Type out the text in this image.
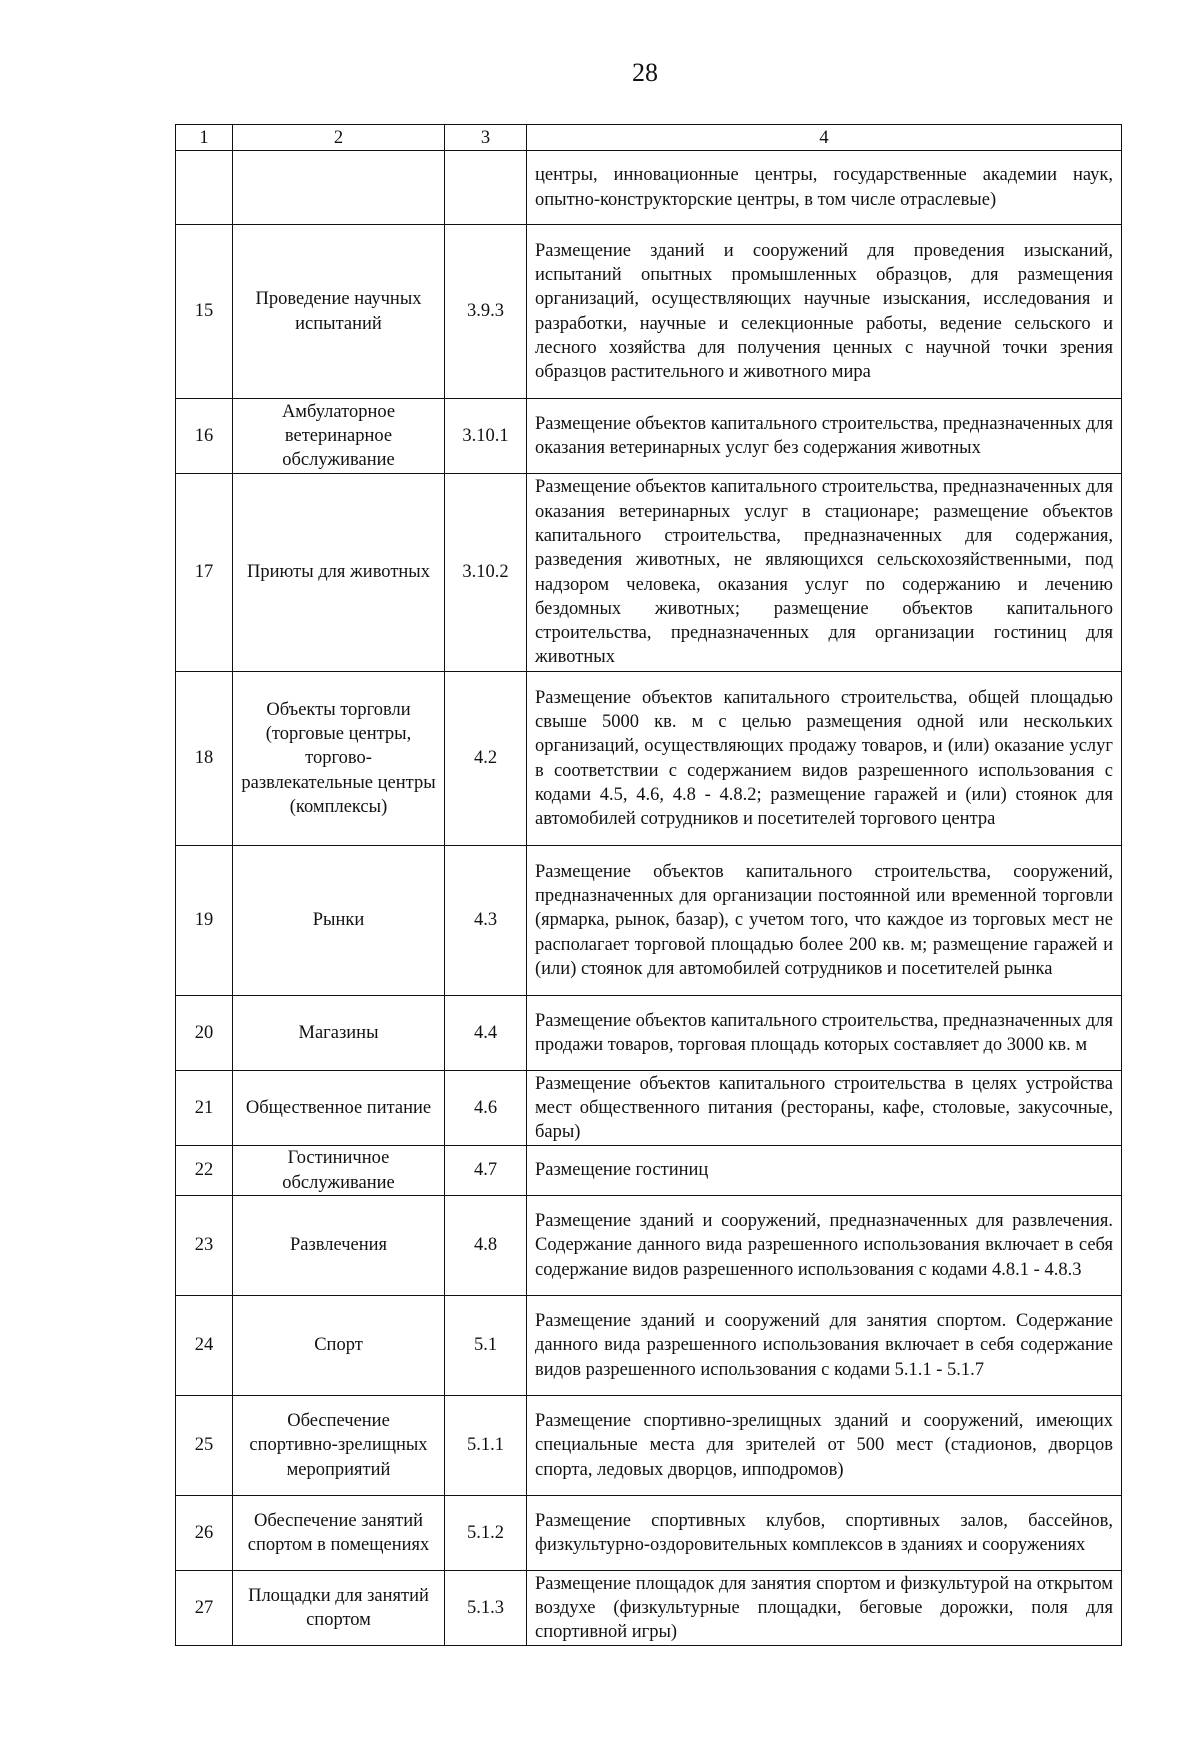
28
1	2	3	4
			центры, инновационные центры, государственные академии наук, опытно-конструкторские центры, в том числе отраслевые)
15	Проведение научных испытаний	3.9.3	Размещение зданий и сооружений для проведения изысканий, испытаний опытных промышленных образцов, для размещения организаций, осуществляющих научные изыскания, исследования и разработки, научные и селекционные работы, ведение сельского и лесного хозяйства для получения ценных с научной точки зрения образцов растительного и животного мира
16	Амбулаторное ветеринарное обслуживание	3.10.1	Размещение объектов капитального строительства, предназначенных для оказания ветеринарных услуг без содержания животных
17	Приюты для животных	3.10.2	Размещение объектов капитального строительства, предназначенных для оказания ветеринарных услуг в стационаре; размещение объектов капитального строительства, предназначенных для содержания, разведения животных, не являющихся сельскохозяйственными, под надзором человека, оказания услуг по содержанию и лечению бездомных животных; размещение объектов капитального строительства, предназначенных для организации гостиниц для животных
18	Объекты торговли (торговые центры, торгово-развлекательные центры (комплексы)	4.2	Размещение объектов капитального строительства, общей площадью свыше 5000 кв. м с целью размещения одной или нескольких организаций, осуществляющих продажу товаров, и (или) оказание услуг в соответствии с содержанием видов разрешенного использования с кодами 4.5, 4.6, 4.8 - 4.8.2; размещение гаражей и (или) стоянок для автомобилей сотрудников и посетителей торгового центра
19	Рынки	4.3	Размещение объектов капитального строительства, сооружений, предназначенных для организации постоянной или временной торговли (ярмарка, рынок, базар), с учетом того, что каждое из торговых мест не располагает торговой площадью более 200 кв. м; размещение гаражей и (или) стоянок для автомобилей сотрудников и посетителей рынка
20	Магазины	4.4	Размещение объектов капитального строительства, предназначенных для продажи товаров, торговая площадь которых составляет до 3000 кв. м
21	Общественное питание	4.6	Размещение объектов капитального строительства в целях устройства мест общественного питания (рестораны, кафе, столовые, закусочные, бары)
22	Гостиничное обслуживание	4.7	Размещение гостиниц
23	Развлечения	4.8	Размещение зданий и сооружений, предназначенных для развлечения. Содержание данного вида разрешенного использования включает в себя содержание видов разрешенного использования с кодами 4.8.1 - 4.8.3
24	Спорт	5.1	Размещение зданий и сооружений для занятия спортом. Содержание данного вида разрешенного использования включает в себя содержание видов разрешенного использования с кодами 5.1.1 - 5.1.7
25	Обеспечение спортивно-зрелищных мероприятий	5.1.1	Размещение спортивно-зрелищных зданий и сооружений, имеющих специальные места для зрителей от 500 мест (стадионов, дворцов спорта, ледовых дворцов, ипподромов)
26	Обеспечение занятий спортом в помещениях	5.1.2	Размещение спортивных клубов, спортивных залов, бассейнов, физкультурно-оздоровительных комплексов в зданиях и сооружениях
27	Площадки для занятий спортом	5.1.3	Размещение площадок для занятия спортом и физкультурой на открытом воздухе (физкультурные площадки, беговые дорожки, поля для спортивной игры)
